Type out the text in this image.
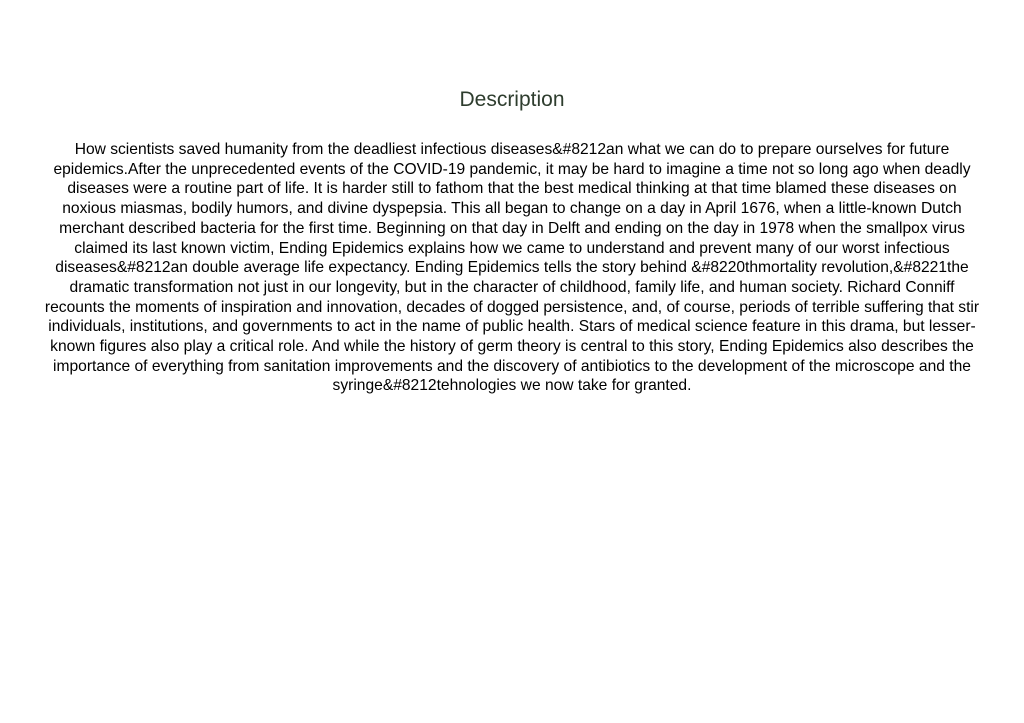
Description

How scientists saved humanity from the deadliest infectious diseases&#8212an what we can do to prepare ourselves for future epidemics.After the unprecedented events of the COVID-19 pandemic, it may be hard to imagine a time not so long ago when deadly diseases were a routine part of life. It is harder still to fathom that the best medical thinking at that time blamed these diseases on noxious miasmas, bodily humors, and divine dyspepsia. This all began to change on a day in April 1676, when a little-known Dutch merchant described bacteria for the first time. Beginning on that day in Delft and ending on the day in 1978 when the smallpox virus claimed its last known victim, Ending Epidemics explains how we came to understand and prevent many of our worst infectious diseases&#8212an double average life expectancy. Ending Epidemics tells the story behind &#8220thmortality revolution,&#8221the dramatic transformation not just in our longevity, but in the character of childhood, family life, and human society. Richard Conniff recounts the moments of inspiration and innovation, decades of dogged persistence, and, of course, periods of terrible suffering that stir individuals, institutions, and governments to act in the name of public health. Stars of medical science feature in this drama, but lesser-known figures also play a critical role. And while the history of germ theory is central to this story, Ending Epidemics also describes the importance of everything from sanitation improvements and the discovery of antibiotics to the development of the microscope and the syringe&#8212tehnologies we now take for granted.
